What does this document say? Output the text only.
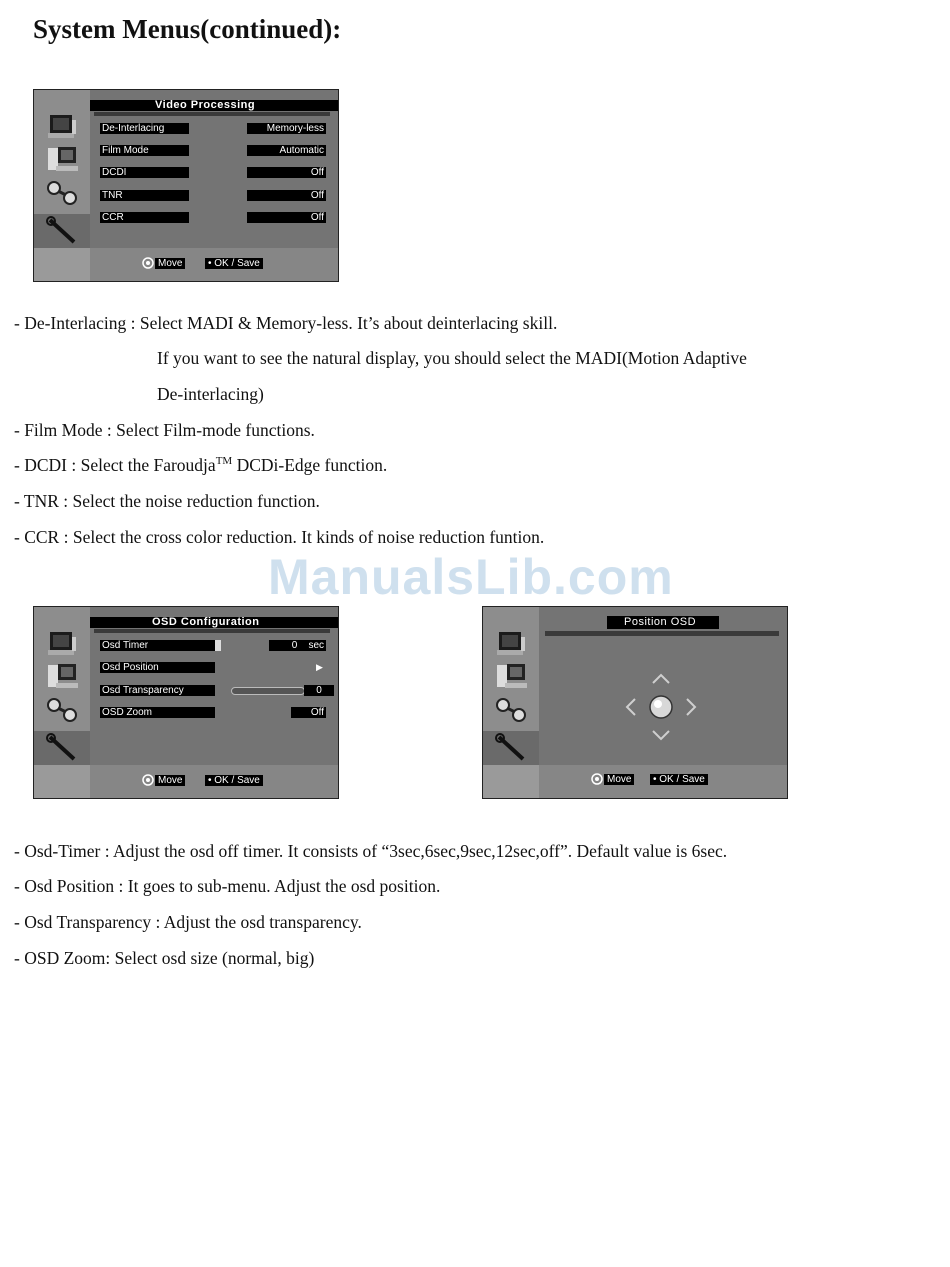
System Menus(continued):
Video Processing
De-Interlacing	Memory-less
Film Mode	Automatic
DCDI	Off
TNR	Off
CCR	Off
Move	• OK / Save
- De-Interlacing : Select MADI & Memory-less. It’s about deinterlacing skill.
If you want to see the natural display, you should select the MADI(Motion Adaptive
De-interlacing)
- Film Mode : Select Film-mode functions.
- DCDI : Select the Faroudja™ DCDi-Edge function.
- TNR : Select the noise reduction function.
- CCR : Select the cross color reduction. It kinds of noise reduction funtion.
ManualsLib.com
OSD Configuration
Osd Timer	0 sec
Osd Position	▶
Osd Transparency	0
OSD Zoom	Off
Move	• OK / Save
Position OSD
Move	• OK / Save
- Osd-Timer : Adjust the osd off timer. It consists of “3sec,6sec,9sec,12sec,off”. Default value is 6sec.
- Osd Position : It goes to sub-menu. Adjust the osd position.
- Osd Transparency : Adjust the osd transparency.
- OSD Zoom: Select osd size (normal, big)
